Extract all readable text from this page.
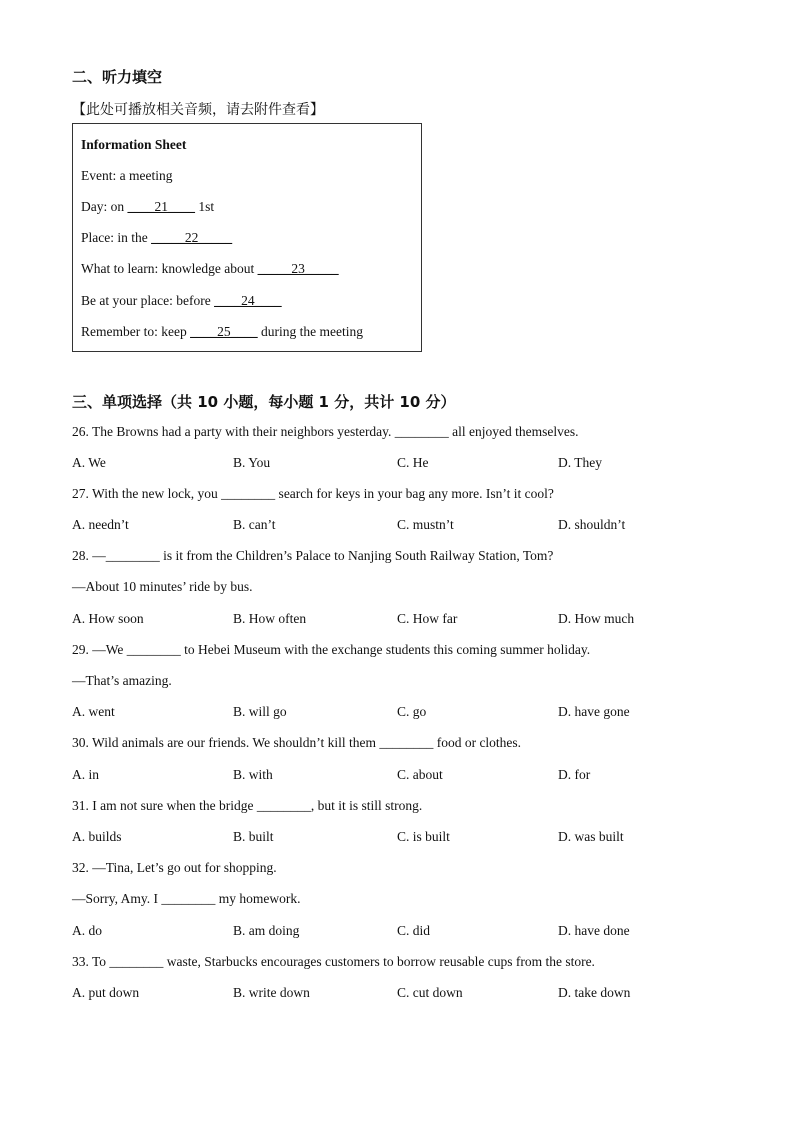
二、听力填空
【此处可播放相关音频，请去附件查看】
Information Sheet
Event: a meeting
Day: on ____21____ 1st
Place: in the _____22_____
What to learn: knowledge about _____23_____
Be at your place: before ____24____
Remember to: keep ____25____ during the meeting
三、单项选择（共 10 小题，每小题 1 分，共计 10 分）
26. The Browns had a party with their neighbors yesterday. ________ all enjoyed themselves.
A. We	B. You	C. He	D. They
27. With the new lock, you ________ search for keys in your bag any more. Isn’t it cool?
A. needn’t	B. can’t	C. mustn’t	D. shouldn’t
28. —________ is it from the Children’s Palace to Nanjing South Railway Station, Tom?
—About 10 minutes’ ride by bus.
A. How soon	B. How often	C. How far	D. How much
29. —We ________ to Hebei Museum with the exchange students this coming summer holiday.
—That’s amazing.
A. went	B. will go	C. go	D. have gone
30. Wild animals are our friends. We shouldn’t kill them ________ food or clothes.
A. in	B. with	C. about	D. for
31. I am not sure when the bridge ________, but it is still strong.
A. builds	B. built	C. is built	D. was built
32. —Tina, Let’s go out for shopping.
—Sorry, Amy. I ________ my homework.
A. do	B. am doing	C. did	D. have done
33. To ________ waste, Starbucks encourages customers to borrow reusable cups from the store.
A. put down	B. write down	C. cut down	D. take down
